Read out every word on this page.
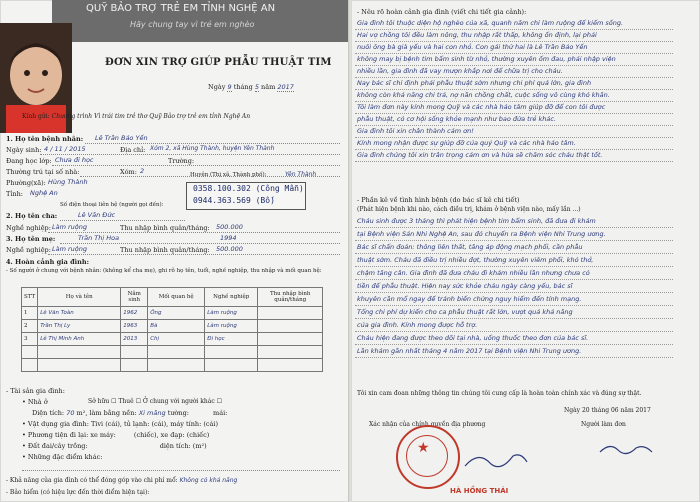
QUỸ BẢO TRỢ TRẺ EM TỈNH NGHỆ AN
Hãy chung tay vì trẻ em nghèo
ĐƠN XIN TRỢ GIÚP PHẪU THUẬT TIM
Ngày 9 tháng 5 năm 2017
Kính gửi: Chương trình Vì trái tim trẻ thơ Quỹ Bảo trợ trẻ em tỉnh Nghệ An
1. Họ tên bệnh nhân: Lê Trần Bảo Yến
Ngày sinh: 4 / 11 / 2015	Địa chỉ: Xóm 2, xã Hùng Thành, huyện Yên Thành
Đang học lớp: Chưa đi học	Trường:
Thường trú tại số nhà:	Xóm: 2
Phường(xã): Hùng Thành
Huyện (Thị xã, Thành phố):	Yên Thành
Tỉnh: Nghệ An
Số điện thoại liên hệ (người gọi đến):
0358.100.302 (Công Mẫn)
0944.363.569 (Bố)
2. Họ tên cha:	Lê Văn Đức
Nghề nghiệp: Làm ruộng	Thu nhập bình quân/tháng: 500.000
3. Họ tên mẹ:	Trần Thị Hoa	1994
Nghề nghiệp: Làm ruộng	Thu nhập bình quân/tháng: 500.000
4. Hoàn cảnh gia đình:
- Số người ở chung với bệnh nhân: (không kể cha mẹ), ghi rõ họ tên, tuổi, nghề nghiệp, thu nhập và mối quan hệ:
STT	Họ và tên	Năm sinh	Mối quan hệ	Nghề nghiệp	Thu nhập bình quân/tháng
1	Lê Văn Toàn	1962	Ông	Làm ruộng	
2	Trần Thị Ly	1963	Bà	Làm ruộng	
3	Lê Thị Minh Anh	2013	Chị	Đi học	

- Tài sản gia đình:
• Nhà ở	Sở hữu ☐ Thuê ☐ Ở chung với người khác ☐
Diện tích: 70 m², làm bằng nền: Xi măng tường:	mái:
• Vật dụng gia đình: Tivi (cái), tủ lạnh: (cái), máy tính: (cái)
• Phương tiện đi lại: xe máy:	(chiếc), xe đạp: (chiếc)
• Đất đai/cây trồng:	diện tích: (m²)
• Những đặc điểm khác:
- Khả năng của gia đình có thể đóng góp vào chi phí mổ: Không có khả năng
- Bảo hiểm (có hiệu lực đến thời điểm hiện tại):
- Nêu rõ hoàn cảnh gia đình (viết chi tiết gia cảnh):
Gia đình tôi thuộc diện hộ nghèo của xã, quanh năm chỉ làm ruộng để kiếm sống.
Hai vợ chồng tôi đều làm nông, thu nhập rất thấp, không ổn định, lại phải
nuôi ông bà già yếu và hai con nhỏ. Con gái thứ hai là Lê Trần Bảo Yến
không may bị bệnh tim bẩm sinh từ nhỏ, thường xuyên ốm đau, phải nhập viện
nhiều lần, gia đình đã vay mượn khắp nơi để chữa trị cho cháu.
Nay bác sĩ chỉ định phải phẫu thuật sớm nhưng chi phí quá lớn, gia đình
không còn khả năng chi trả, nợ nần chồng chất, cuộc sống vô cùng khó khăn.
Tôi làm đơn này kính mong Quỹ và các nhà hảo tâm giúp đỡ để con tôi được
phẫu thuật, có cơ hội sống khỏe mạnh như bao đứa trẻ khác.
Gia đình tôi xin chân thành cảm ơn!
Kính mong nhận được sự giúp đỡ của quý Quỹ và các nhà hảo tâm.
Gia đình chúng tôi xin trân trọng cảm ơn và hứa sẽ chăm sóc cháu thật tốt.
- Phần kê về tình hình bệnh (do bác sĩ kê chi tiết)
(Phát hiện bệnh khi nào, cách điều trị, khám ở bệnh viện nào, mấy lần ...)
Cháu sinh được 3 tháng thì phát hiện bệnh tim bẩm sinh, đã đưa đi khám
tại Bệnh viện Sản Nhi Nghệ An, sau đó chuyển ra Bệnh viện Nhi Trung ương.
Bác sĩ chẩn đoán: thông liên thất, tăng áp động mạch phổi, cần phẫu
thuật sớm. Cháu đã điều trị nhiều đợt, thường xuyên viêm phổi, khó thở,
chậm tăng cân. Gia đình đã đưa cháu đi khám nhiều lần nhưng chưa có
tiền để phẫu thuật. Hiện nay sức khỏe cháu ngày càng yếu, bác sĩ
khuyên cần mổ ngay để tránh biến chứng nguy hiểm đến tính mạng.
Tổng chi phí dự kiến cho ca phẫu thuật rất lớn, vượt quá khả năng
của gia đình. Kính mong được hỗ trợ.
Cháu hiện đang được theo dõi tại nhà, uống thuốc theo đơn của bác sĩ.
Lần khám gần nhất tháng 4 năm 2017 tại Bệnh viện Nhi Trung ương.
Tôi xin cam đoan những thông tin chúng tôi cung cấp là hoàn toàn chính xác và đúng sự thật.
Ngày 20 tháng 06 năm 2017
Xác nhận của chính quyền địa phương	Người làm đơn
★
HÀ HỒNG THÁI
